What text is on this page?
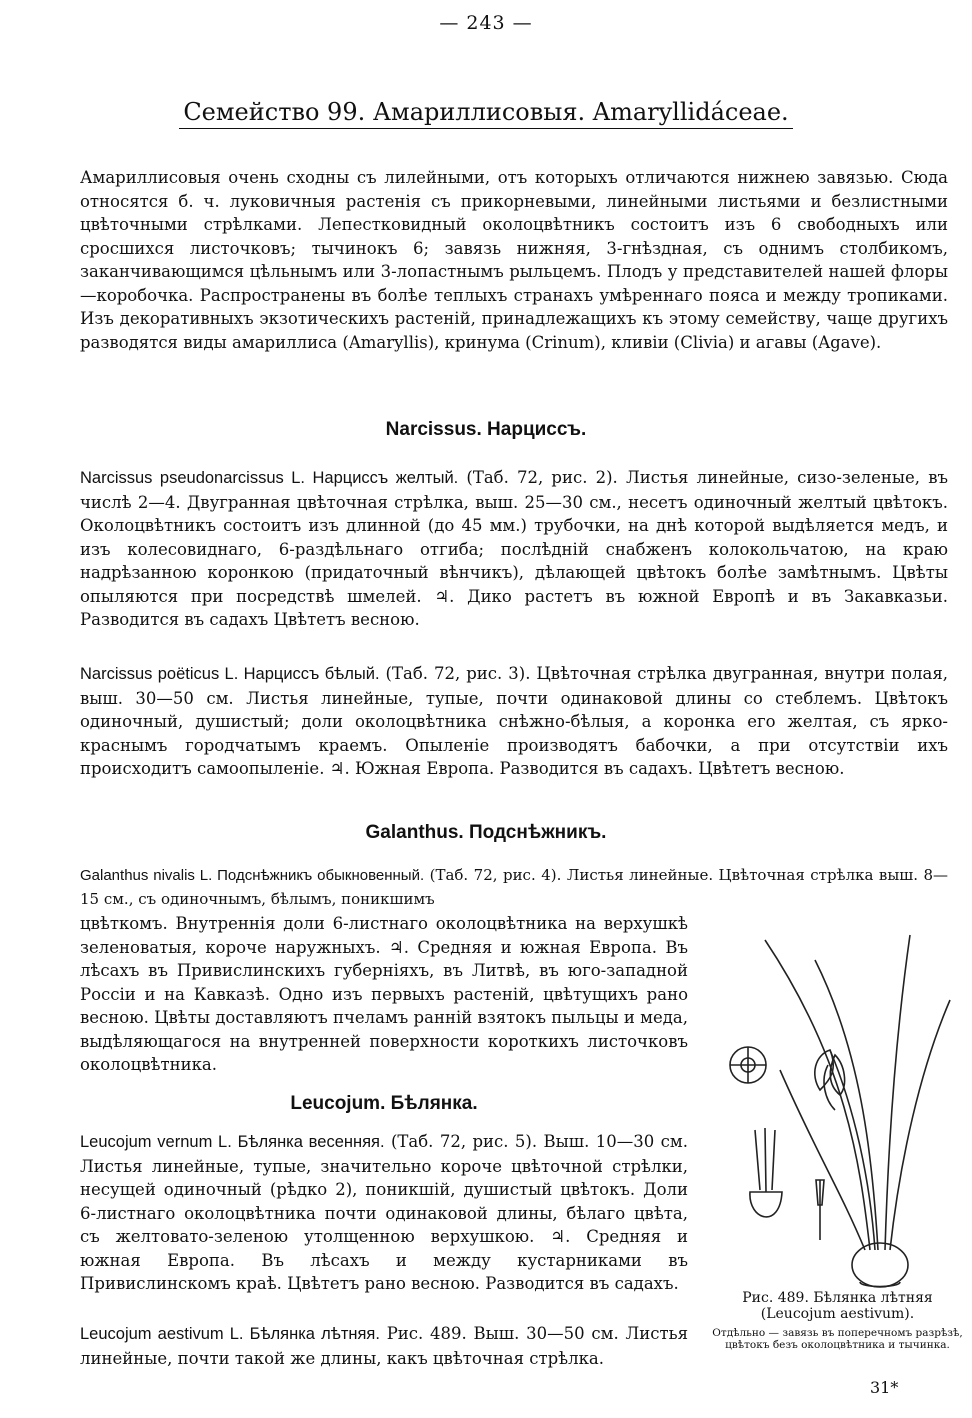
— 243 —
Семейство 99. Амариллисовыя. Amaryllidáceae.

Амариллисовыя очень сходны съ лилейными, отъ которыхъ отличаются нижнею завязью. Сюда относятся б. ч. луковичныя растенія съ прикорневыми, линейными листьями и безлистными цвѣточными стрѣлками. Лепестковидный околоцвѣтникъ состоитъ изъ 6 свободныхъ или сросшихся листочковъ; тычинокъ 6; завязь нижняя, 3-гнѣздная, съ однимъ столбикомъ, заканчивающимся цѣльнымъ или 3-лопастнымъ рыльцемъ. Плодъ у представителей нашей флоры—коробочка. Распространены въ болѣе теплыхъ странахъ умѣреннаго пояса и между тропиками. Изъ декоративныхъ экзотическихъ растеній, принадлежащихъ къ этому семейству, чаще другихъ разводятся виды амариллиса (Amaryllis), кринума (Crinum), кливіи (Clivia) и агавы (Agave).

Narcissus. Нарциссъ.

Narcissus pseudonarcissus L. Нарциссъ желтый. (Таб. 72, рис. 2). Листья линейные, сизо-зеленые, въ числѣ 2—4. Двугранная цвѣточная стрѣлка, выш. 25—30 см., несетъ одиночный желтый цвѣтокъ. Околоцвѣтникъ состоитъ изъ длинной (до 45 мм.) трубочки, на днѣ которой выдѣляется медъ, и изъ колесовиднаго, 6-раздѣльнаго отгиба; послѣдній снабженъ колокольчатою, на краю надрѣзанною коронкою (придаточный вѣнчикъ), дѣлающей цвѣтокъ болѣе замѣтнымъ. Цвѣты опыляются при посредствѣ шмелей. ♃. Дико растетъ въ южной Европѣ и въ Закавказьи. Разводится въ садахъ Цвѣтетъ весною.

Narcissus poëticus L. Нарциссъ бѣлый. (Таб. 72, рис. 3). Цвѣточная стрѣлка двугранная, внутри полая, выш. 30—50 см. Листья линейные, тупые, почти одинаковой длины со стеблемъ. Цвѣтокъ одиночный, душистый; доли околоцвѣтника снѣжно-бѣлыя, а коронка его желтая, съ ярко-краснымъ городчатымъ краемъ. Опыленіе производятъ бабочки, а при отсутствіи ихъ происходитъ самоопыленіе. ♃. Южная Европа. Разводится въ садахъ. Цвѣтетъ весною.

Galanthus. Подснѣжникъ.

Galanthus nivalis L. Подснѣжникъ обыкновенный. (Таб. 72, рис. 4). Листья линейные. Цвѣточная стрѣлка выш. 8—15 см., съ одиночнымъ, бѣлымъ, поникшимъ

цвѣткомъ. Внутреннія доли 6-листнаго околоцвѣтника на верхушкѣ зеленоватыя, короче наружныхъ. ♃. Средняя и южная Европа. Въ лѣсахъ въ Привислинскихъ губерніяхъ, въ Литвѣ, въ юго-западной Россіи и на Кавказѣ. Одно изъ первыхъ растеній, цвѣтущихъ рано весною. Цвѣты доставляютъ пчеламъ ранній взятокъ пыльцы и меда, выдѣляющагося на внутренней поверхности короткихъ листочковъ околоцвѣтника.

Leucojum. Бѣлянка.

Leucojum vernum L. Бѣлянка весенняя. (Таб. 72, рис. 5). Выш. 10—30 см. Листья линейные, тупые, значительно короче цвѣточной стрѣлки, несущей одиночный (рѣдко 2), поникшій, душистый цвѣтокъ. Доли 6-листнаго околоцвѣтника почти одинаковой длины, бѣлаго цвѣта, съ желтовато-зеленою утолщенною верхушкою. ♃. Средняя и южная Европа. Въ лѣсахъ и между кустарниками въ Привислинскомъ краѣ. Цвѣтетъ рано весною. Разводится въ садахъ.

Leucojum aestivum L. Бѣлянка лѣтняя. Рис. 489. Выш. 30—50 см. Листья линейные, почти такой же длины, какъ цвѣточная стрѣлка.

Рис. 489. Бѣлянка лѣтняя (Leucojum aestivum).
Отдѣльно — завязь въ поперечномъ разрѣзѣ, цвѣтокъ безъ околоцвѣтника и тычинка.
31*
